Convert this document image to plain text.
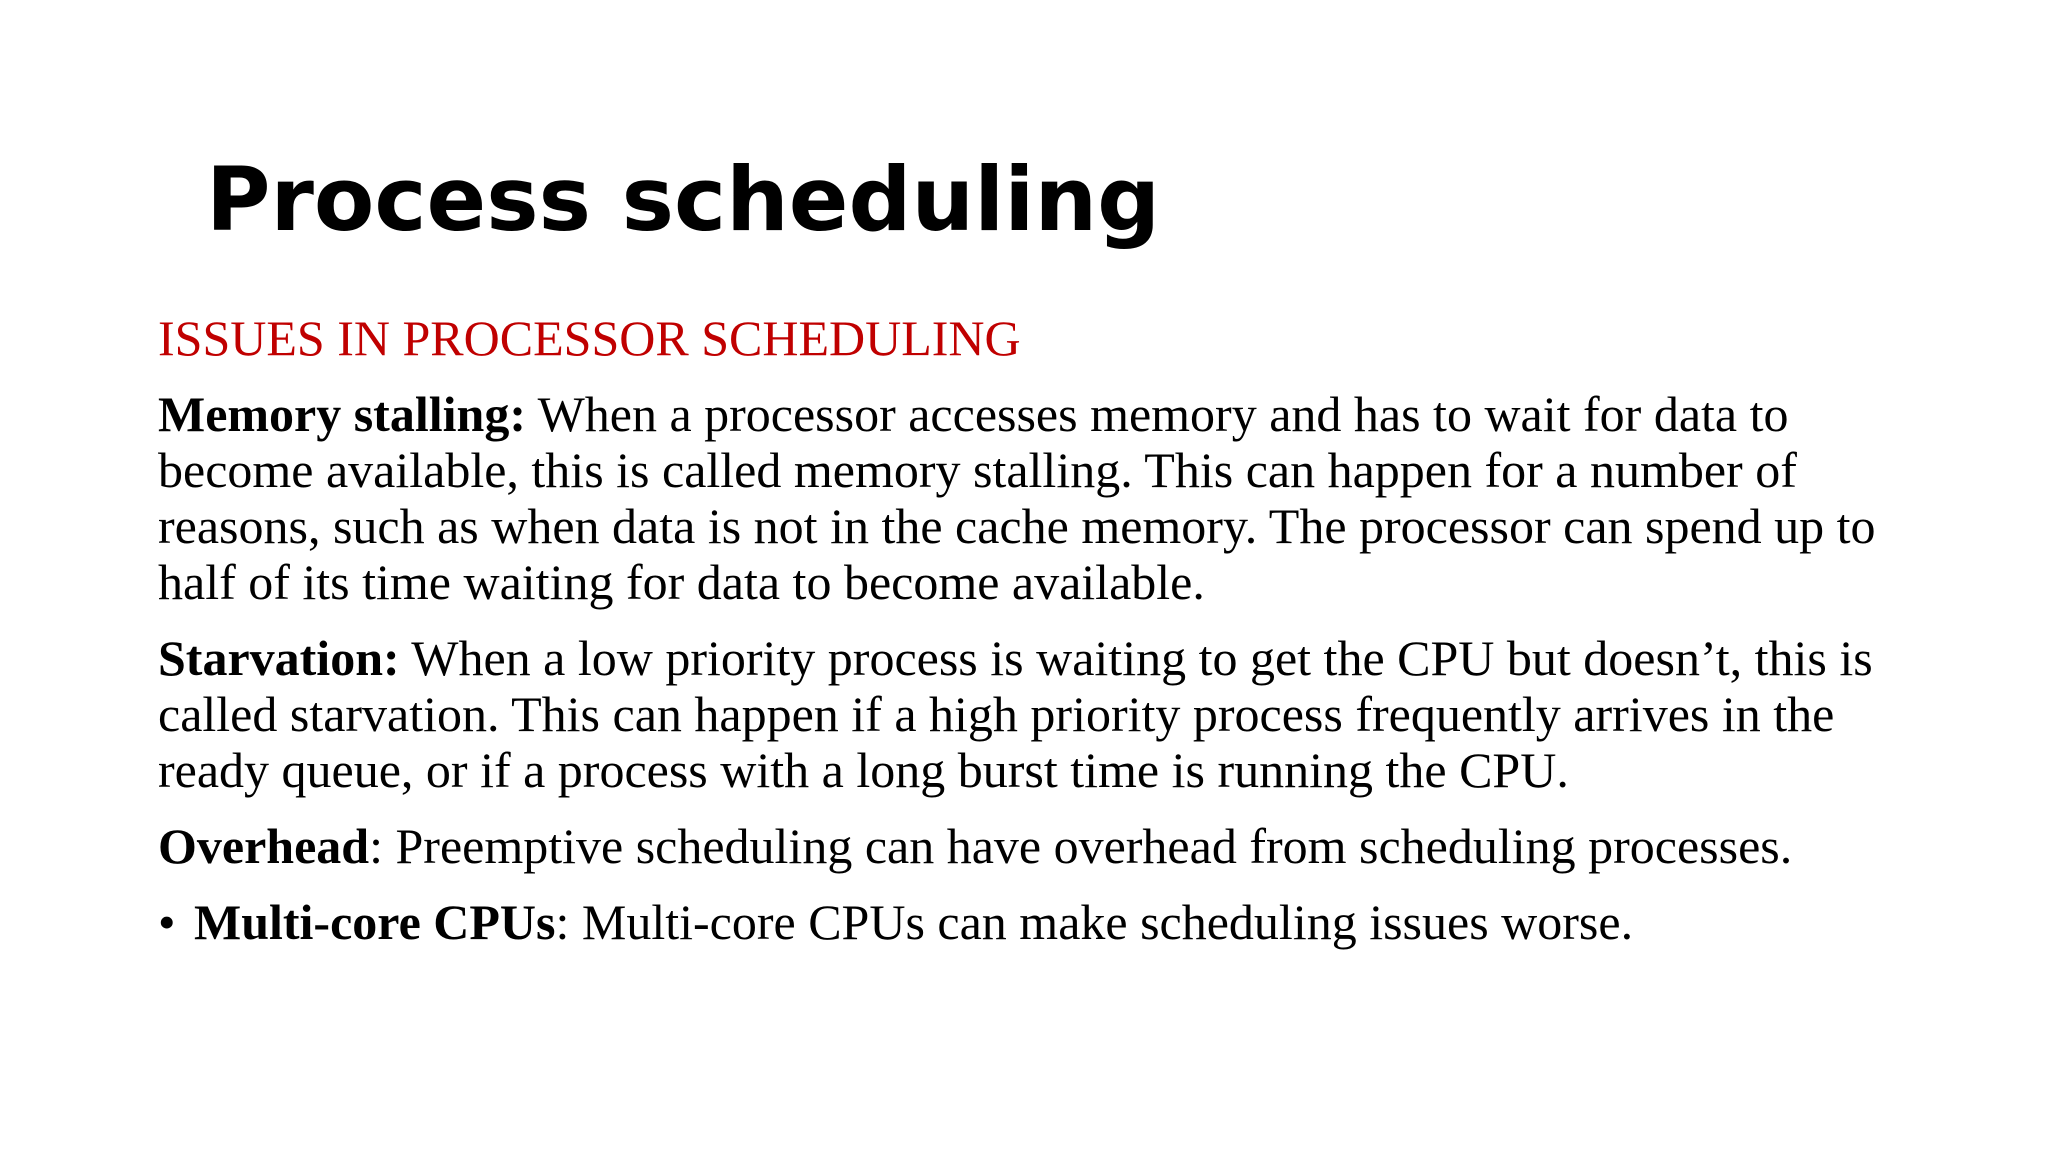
Process scheduling
ISSUES IN PROCESSOR SCHEDULING

Memory stalling: When a processor accesses memory and has to wait for data to become available, this is called memory stalling. This can happen for a number of reasons, such as when data is not in the cache memory. The processor can spend up to half of its time waiting for data to become available.

Starvation: When a low priority process is waiting to get the CPU but doesn’t, this is called starvation. This can happen if a high priority process frequently arrives in the ready queue, or if a process with a long burst time is running the CPU.

Overhead: Preemptive scheduling can have overhead from scheduling processes.

• Multi-core CPUs: Multi-core CPUs can make scheduling issues worse.
